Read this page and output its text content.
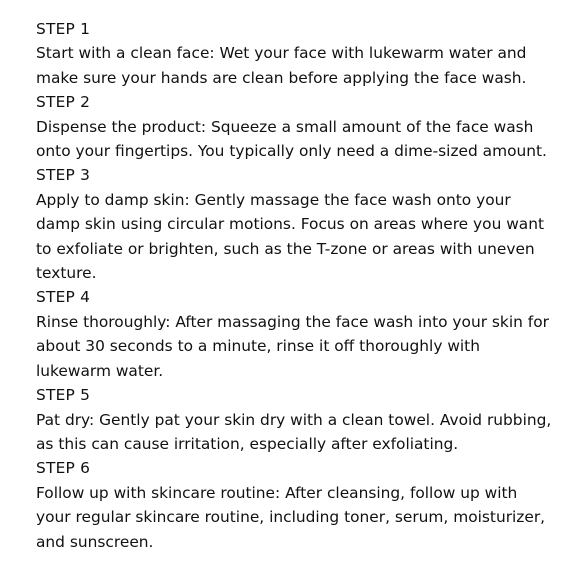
STEP 1

Start with a clean face: Wet your face with lukewarm water and make sure your hands are clean before applying the face wash.

STEP 2

Dispense the product: Squeeze a small amount of the face wash onto your fingertips. You typically only need a dime-sized amount.

STEP 3

Apply to damp skin: Gently massage the face wash onto your damp skin using circular motions. Focus on areas where you want to exfoliate or brighten, such as the T-zone or areas with uneven texture.

STEP 4

Rinse thoroughly: After massaging the face wash into your skin for about 30 seconds to a minute, rinse it off thoroughly with lukewarm water.

STEP 5

Pat dry: Gently pat your skin dry with a clean towel. Avoid rubbing, as this can cause irritation, especially after exfoliating.

STEP 6

Follow up with skincare routine: After cleansing, follow up with your regular skincare routine, including toner, serum, moisturizer, and sunscreen.
